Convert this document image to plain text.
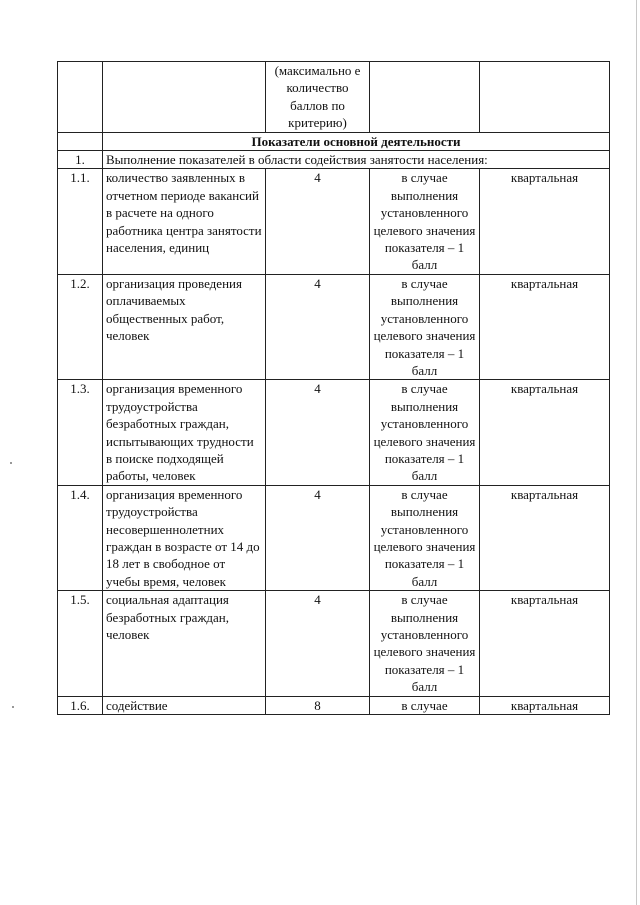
		(максимально е количество баллов по критерию)		
	Показатели основной деятельности			
1.	Выполнение показателей в области содействия занятости населения:			
1.1.	количество заявленных в отчетном периоде вакансий в расчете на одного работника центра занятости населения, единиц	4	в случае выполнения установленного целевого значения показателя – 1 балл	квартальная
1.2.	организация проведения оплачиваемых общественных работ, человек	4	в случае выполнения установленного целевого значения показателя – 1 балл	квартальная
1.3.	организация временного трудоустройства безработных граждан, испытывающих трудности в поиске подходящей работы, человек	4	в случае выполнения установленного целевого значения показателя – 1 балл	квартальная
1.4.	организация временного трудоустройства несовершеннолетних граждан в возрасте от 14 до 18 лет в свободное от учебы время, человек	4	в случае выполнения установленного целевого значения показателя – 1 балл	квартальная
1.5.	социальная адаптация безработных граждан, человек	4	в случае выполнения установленного целевого значения показателя – 1 балл	квартальная
1.6.	содействие	8	в случае	квартальная
